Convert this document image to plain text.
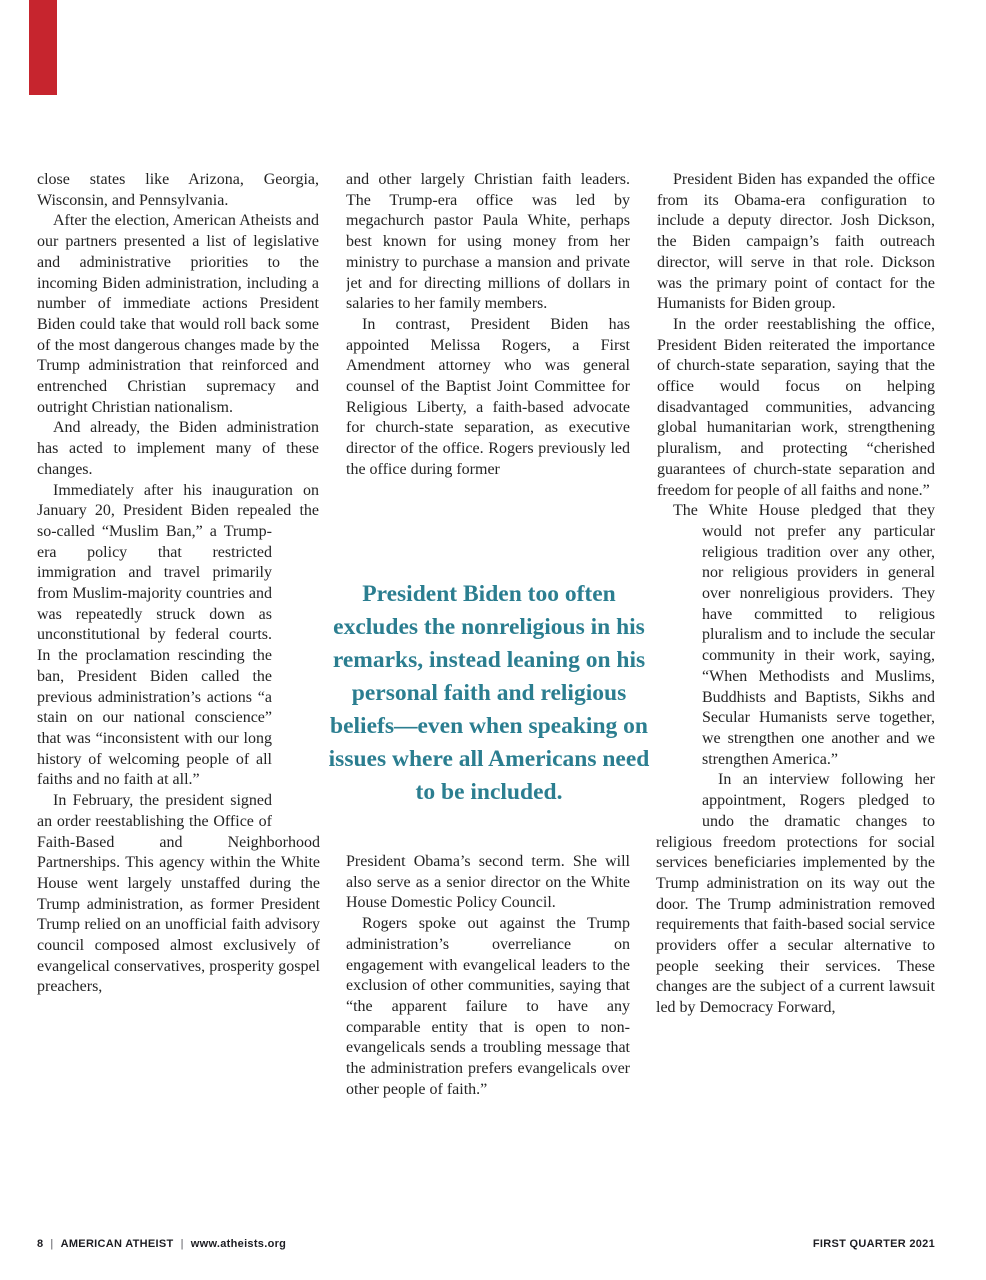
close states like Arizona, Georgia, Wisconsin, and Pennsylvania.

After the election, American Atheists and our partners presented a list of legislative and administrative priorities to the incoming Biden administration, including a number of immediate actions President Biden could take that would roll back some of the most dangerous changes made by the Trump administration that reinforced and entrenched Christian supremacy and outright Christian nationalism.

And already, the Biden administration has acted to implement many of these changes.

Immediately after his inauguration on January 20, President Biden repealed the so-called “Muslim Ban,” a Trump-era policy that restricted immigration and travel primarily from Muslim-majority countries and was repeatedly struck down as unconstitutional by federal courts. In the proclamation rescinding the ban, President Biden called the previous administration’s actions “a stain on our national conscience” that was “inconsistent with our long history of welcoming people of all faiths and no faith at all.”

In February, the president signed an order reestablishing the Office of Faith-Based and Neighborhood Partnerships. This agency within the White House went largely unstaffed during the Trump administration, as former President Trump relied on an unofficial faith advisory council composed almost exclusively of evangelical conservatives, prosperity gospel preachers,

and other largely Christian faith leaders. The Trump-era office was led by megachurch pastor Paula White, perhaps best known for using money from her ministry to purchase a mansion and private jet and for directing millions of dollars in salaries to her family members.

In contrast, President Biden has appointed Melissa Rogers, a First Amendment attorney who was general counsel of the Baptist Joint Committee for Religious Liberty, a faith-based advocate for church-state separation, as executive director of the office. Rogers previously led the office during former

President Biden too often
excludes the nonreligious in his
remarks, instead leaning on his
personal faith and religious
beliefs—even when speaking on
issues where all Americans need
to be included.

President Obama’s second term. She will also serve as a senior director on the White House Domestic Policy Council.

Rogers spoke out against the Trump administration’s overreliance on engagement with evangelical leaders to the exclusion of other communities, saying that “the apparent failure to have any comparable entity that is open to non-evangelicals sends a troubling message that the administration prefers evangelicals over other people of faith.”

President Biden has expanded the office from its Obama-era configuration to include a deputy director. Josh Dickson, the Biden campaign’s faith outreach director, will serve in that role. Dickson was the primary point of contact for the Humanists for Biden group.

In the order reestablishing the office, President Biden reiterated the importance of church-state separation, saying that the office would focus on helping disadvantaged communities, advancing global humanitarian work, strengthening pluralism, and protecting “cherished guarantees of church-state separation and freedom for people of all faiths and none.”

The White House pledged that they would not prefer any particular religious tradition over any other, nor religious providers in general over nonreligious providers. They have committed to religious pluralism and to include the secular community in their work, saying, “When Methodists and Muslims, Buddhists and Baptists, Sikhs and Secular Humanists serve together, we strengthen one another and we strengthen America.”

In an interview following her appointment, Rogers pledged to undo the dramatic changes to religious freedom protections for social services beneficiaries implemented by the Trump administration on its way out the door. The Trump administration removed requirements that faith-based social service providers offer a secular alternative to people seeking their services. These changes are the subject of a current lawsuit led by Democracy Forward,

8 | AMERICAN ATHEIST | www.atheists.org	FIRST QUARTER 2021
